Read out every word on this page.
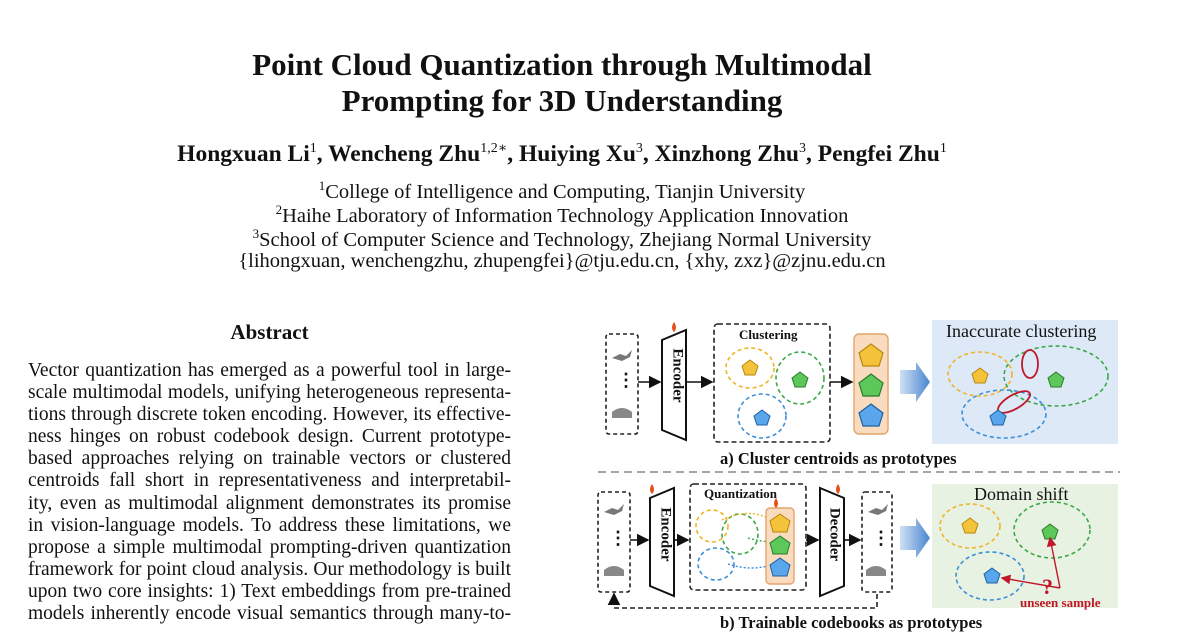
Point Cloud Quantization through Multimodal
Prompting for 3D Understanding
Hongxuan Li$^1$, Wencheng Zhu$^{1,2∗}$, Huiying Xu$^3$, Xinzhong Zhu$^3$, Pengfei Zhu$^1$
$^1$College of Intelligence and Computing, Tianjin University
$^2$Haihe Laboratory of Information Technology Application Innovation
$^3$School of Computer Science and Technology, Zhejiang Normal University
{lihongxuan, wenchengzhu, zhupengfei}@tju.edu.cn, {xhy, zxz}@zjnu.edu.cn
Abstract
Vector quantization has emerged as a powerful tool in large-
scale multimodal models, unifying heterogeneous representa-
tions through discrete token encoding. However, its effective-
ness hinges on robust codebook design. Current prototype-
based approaches relying on trainable vectors or clustered
centroids fall short in representativeness and interpretabil-
ity, even as multimodal alignment demonstrates its promise
in vision-language models. To address these limitations, we
propose a simple multimodal prompting-driven quantization
framework for point cloud analysis. Our methodology is built
upon two core insights: 1) Text embeddings from pre-trained
models inherently encode visual semantics through many-to-
Encoder
Clustering	Inaccurate clustering
a) Cluster centroids as prototypes
Encoder	Decoder
Quantization	Domain shift
unseen sample
?
b) Trainable codebooks as prototypes
⋮
⋮	⋮
